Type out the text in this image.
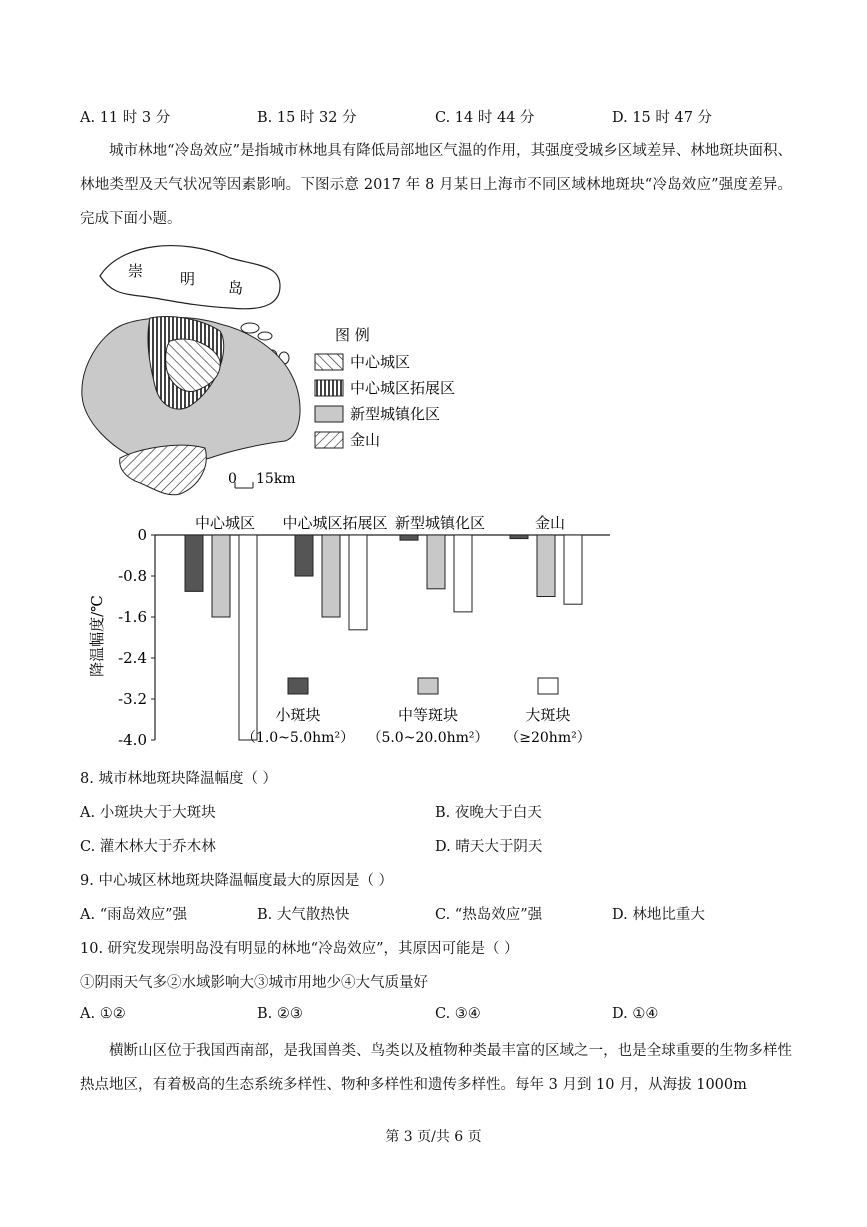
A. 11 时 3 分	B. 15 时 32 分	C. 14 时 44 分	D. 15 时 47 分
城市林地“冷岛效应”是指城市林地具有降低局部地区气温的作用，其强度受城乡区域差异、林地斑块面积、林地类型及天气状况等因素影响。下图示意 2017 年 8 月某日上海市不同区域林地斑块“冷岛效应”强度差异。完成下面小题。
崇 明 岛
图 例
中心城区
中心城区拓展区
新型城镇化区
金山
0 15km
降温幅度/℃
0
-0.8
-1.6
-2.4
-3.2
-4.0
中心城区 中心城区拓展区 新型城镇化区	金山
小斑块
（1.0~5.0hm²）
中等斑块
（5.0~20.0hm²）
大斑块
（≥20hm²）
8. 城市林地斑块降温幅度（ ）
A. 小斑块大于大斑块	B. 夜晚大于白天
C. 灌木林大于乔木林	D. 晴天大于阴天
9. 中心城区林地斑块降温幅度最大的原因是（ ）
A. “雨岛效应”强	B. 大气散热快	C. “热岛效应”强	D. 林地比重大
10. 研究发现崇明岛没有明显的林地“冷岛效应”，其原因可能是（ ）
①阴雨天气多②水域影响大③城市用地少④大气质量好
A. ①②	B. ②③	C. ③④	D. ①④
横断山区位于我国西南部，是我国兽类、鸟类以及植物种类最丰富的区域之一，也是全球重要的生物多样性热点地区，有着极高的生态系统多样性、物种多样性和遗传多样性。每年 3 月到 10 月，从海拔 1000m
第 3 页/共 6 页
